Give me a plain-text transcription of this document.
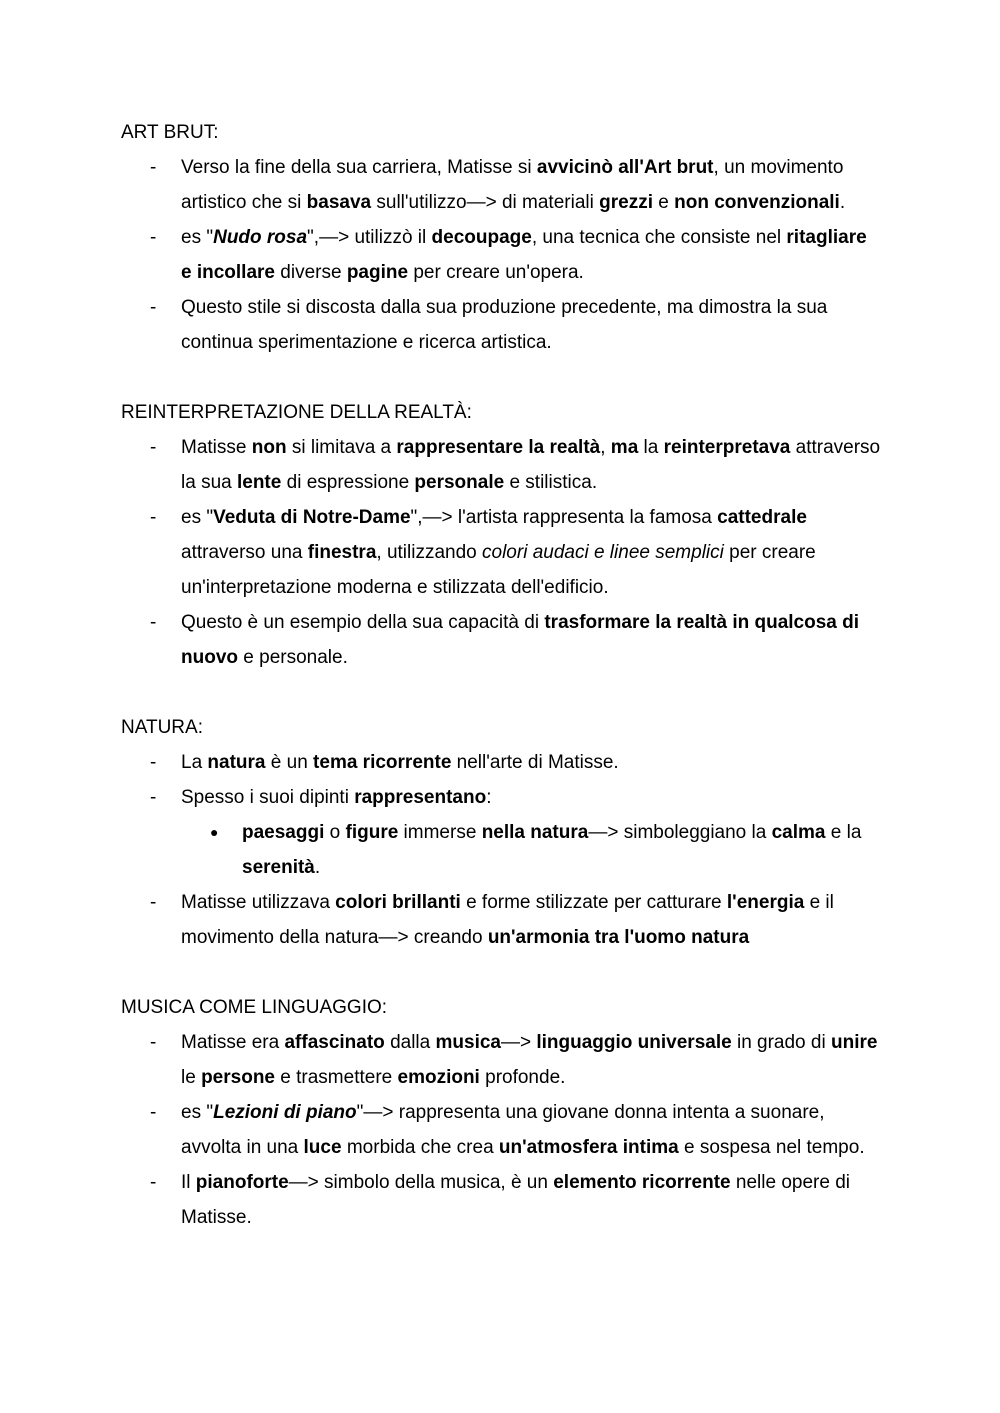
ART BRUT:

- Verso la fine della sua carriera, Matisse si avvicinò all'Art brut, un movimento artistico che si basava sull'utilizzo—> di materiali grezzi e non convenzionali.
- es "Nudo rosa",—> utilizzò il decoupage, una tecnica che consiste nel ritagliare e incollare diverse pagine per creare un'opera.
- Questo stile si discosta dalla sua produzione precedente, ma dimostra la sua continua sperimentazione e ricerca artistica.

REINTERPRETAZIONE DELLA REALTÀ:

- Matisse non si limitava a rappresentare la realtà, ma la reinterpretava attraverso la sua lente di espressione personale e stilistica.
- es "Veduta di Notre-Dame",—> l'artista rappresenta la famosa cattedrale attraverso una finestra, utilizzando colori audaci e linee semplici per creare un'interpretazione moderna e stilizzata dell'edificio.
- Questo è un esempio della sua capacità di trasformare la realtà in qualcosa di nuovo e personale.

NATURA:

- La natura è un tema ricorrente nell'arte di Matisse.
- Spesso i suoi dipinti rappresentano:
● paesaggi o figure immerse nella natura—> simboleggiano la calma e la serenità.
- Matisse utilizzava colori brillanti e forme stilizzate per catturare l'energia e il movimento della natura—> creando un'armonia tra l'uomo natura

MUSICA COME LINGUAGGIO:

- Matisse era affascinato dalla musica—> linguaggio universale in grado di unire le persone e trasmettere emozioni profonde.
- es "Lezioni di piano"—> rappresenta una giovane donna intenta a suonare, avvolta in una luce morbida che crea un'atmosfera intima e sospesa nel tempo.
- Il pianoforte—> simbolo della musica, è un elemento ricorrente nelle opere di Matisse.
